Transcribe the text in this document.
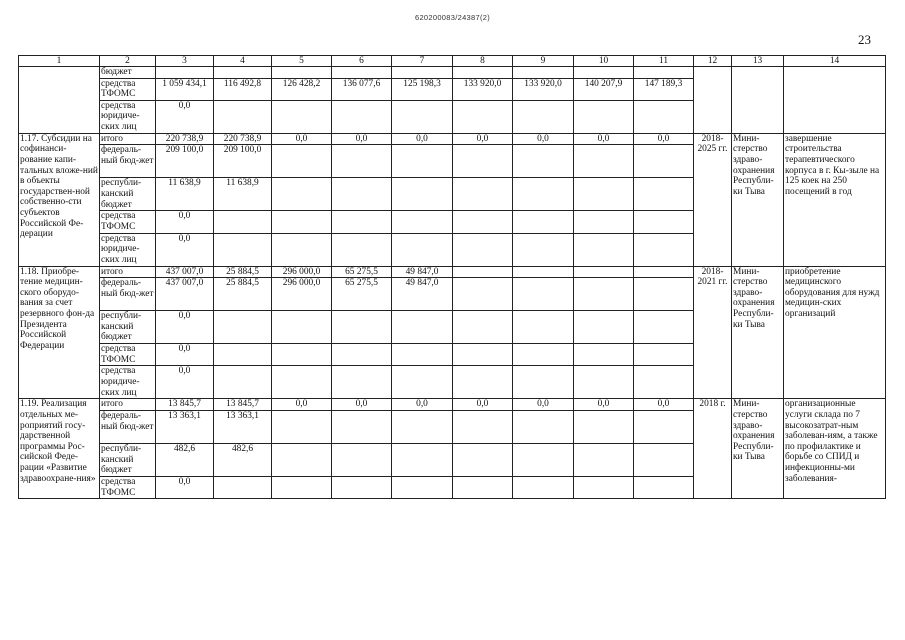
620200083/24387(2)
23
1	2	3	4	5	6	7	8	9	10	11	12	13	14
	бюджет												
	средства ТФОМС	1 059 434,1	116 492,8	126 428,2	136 077,6	125 198,3	133 920,0	133 920,0	140 207,9	147 189,3			
	средства юридиче-ских лиц	0,0											
1.17. Субсидии на софинанси-рование капи-тальных вложе-ний в объекты государствен-ной собственно-сти субъектов Российской Фе-дерации	итого	220 738,9	220 738,9	0,0	0,0	0,0	0,0	0,0	0,0	0,0	2018-2025 гг.	Мини-стерство здраво-охранения Республи-ки Тыва	завершение строительства терапевтического корпуса в г. Кы-зыле на 125 коек на 250 посещений в год
	федераль-ный бюд-жет	209 100,0	209 100,0										
	республи-канский бюджет	11 638,9	11 638,9										
	средства ТФОМС	0,0											
	средства юридиче-ских лиц	0,0											
1.18. Приобре-тение медицин-ского оборудо-вания за счет резервного фон-да Президента Российской Федерации	итого	437 007,0	25 884,5	296 000,0	65 275,5	49 847,0					2018-2021 гг.	Мини-стерство здраво-охранения Республи-ки Тыва	приобретение медицинского оборудования для нужд медицин-ских организаций
	федераль-ный бюд-жет	437 007,0	25 884,5	296 000,0	65 275,5	49 847,0							
	республи-канский бюджет	0,0											
	средства ТФОМС	0,0											
	средства юридиче-ских лиц	0,0											
1.19. Реализация отдельных ме-роприятий госу-дарственной программы Рос-сийской Феде-рации «Развитие здравоохране-ния»	итого	13 845,7	13 845,7	0,0	0,0	0,0	0,0	0,0	0,0	0,0	2018 г.	Мини-стерство здраво-охранения Республи-ки Тыва	организационные услуги склада по 7 высокозатрат-ным заболеван-иям, а также по профилактике и борьбе со СПИД и инфекционны-ми заболевания-
	федераль-ный бюд-жет	13 363,1	13 363,1										
	республи-канский бюджет	482,6	482,6										
	средства ТФОМС	0,0											
